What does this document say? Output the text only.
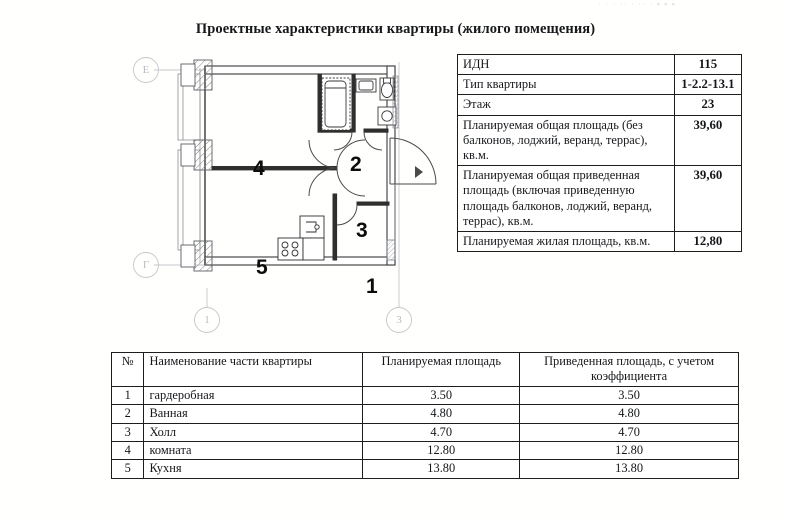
· · · ·· · ·· · ▪ ▪ ▪
Проектные характеристики квартиры (жилого помещения)
4
5
3
2
1
Е
Г
1	3
ИДН	115
Тип квартиры	1-2.2-13.1
Этаж	23
Планируемая общая площадь (без балконов, лоджий, веранд, террас), кв.м.	39,60
Планируемая общая приведенная площадь (включая приведенную площадь балконов, лоджий, веранд, террас), кв.м.	39,60
Планируемая жилая площадь, кв.м.	12,80
№	Наименование части квартиры	Планируемая площадь	Приведенная площадь, с учетом коэффициента
1	гардеробная	3.50	3.50
2	Ванная	4.80	4.80
3	Холл	4.70	4.70
4	комната	12.80	12.80
5	Кухня	13.80	13.80
